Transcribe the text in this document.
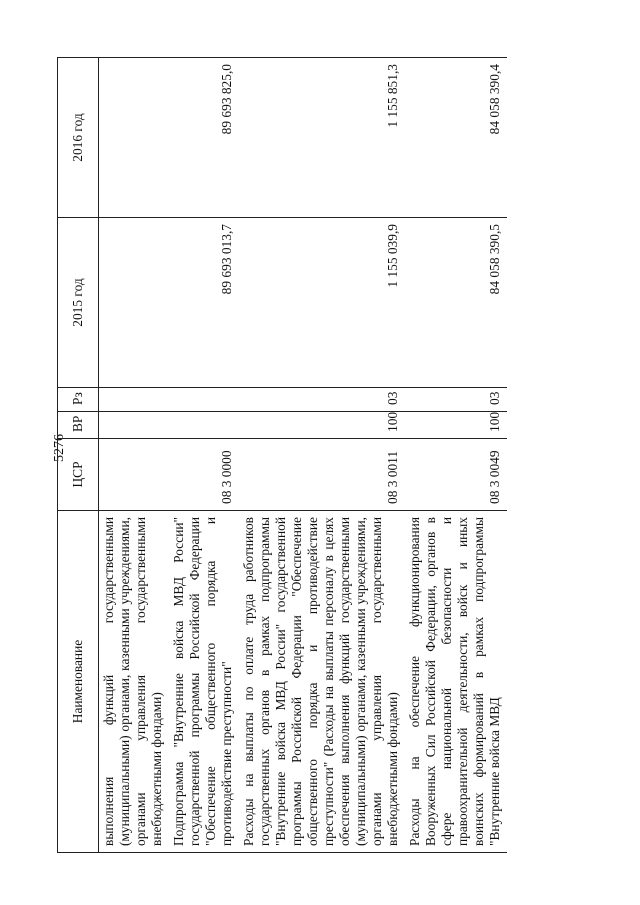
5276
Наименование	ЦСР	ВР	Рз	2015 год	2016 год
выполнения функций государственными (муниципальными) органами, казенными учреждениями, органами управления государственными внебюджетными фондами)					
Подпрограмма "Внутренние войска МВД России" государственной программы Российской Федерации "Обеспечение общественного порядка и противодействие преступности"	08 3 0000			89 693 013,7	89 693 825,0
Расходы на выплаты по оплате труда работников государственных органов в рамках подпрограммы "Внутренние войска МВД России" государственной программы Российской Федерации "Обеспечение общественного порядка и противодействие преступности" (Расходы на выплаты персоналу в целях обеспечения выполнения функций государственными (муниципальными) органами, казенными учреждениями, органами управления государственными внебюджетными фондами)	08 3 0011	100	03	1 155 039,9	1 155 851,3
Расходы на обеспечение функционирования Вооруженных Сил Российской Федерации, органов в сфере национальной безопасности и правоохранительной деятельности, войск и иных воинских формирований в рамках подпрограммы "Внутренние войска МВД	08 3 0049	100	03	84 058 390,5	84 058 390,4
